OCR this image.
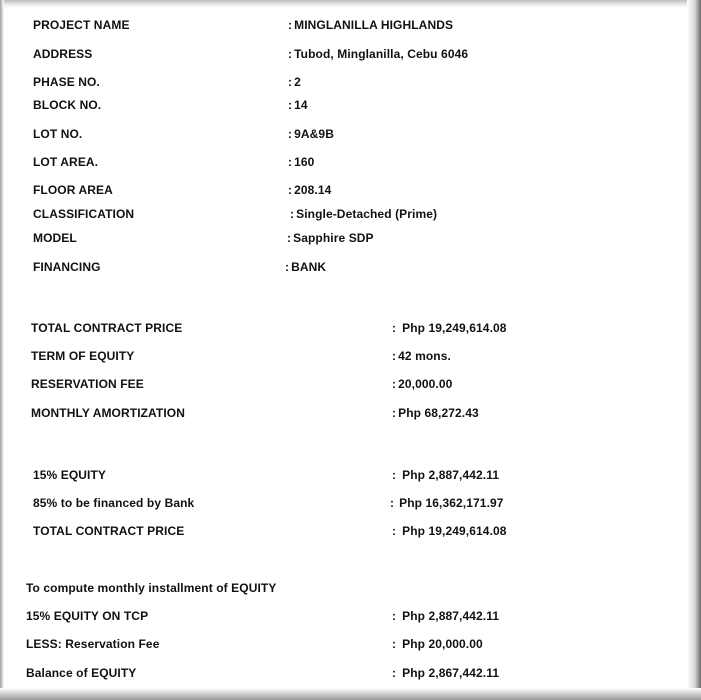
PROJECT NAME	: MINGLANILLA HIGHLANDS
ADDRESS	: Tubod, Minglanilla, Cebu 6046
PHASE NO.	: 2
BLOCK NO.	: 14
LOT NO.	: 9A&9B
LOT AREA.	: 160
FLOOR AREA	: 208.14
CLASSIFICATION	: Single-Detached (Prime)
MODEL	: Sapphire SDP
FINANCING	: BANK
TOTAL CONTRACT PRICE	: Php 19,249,614.08
TERM OF EQUITY	: 42 mons.
RESERVATION FEE	: 20,000.00
MONTHLY AMORTIZATION	: Php 68,272.43
15% EQUITY	: Php 2,887,442.11
85% to be financed by Bank	: Php 16,362,171.97
TOTAL CONTRACT PRICE	: Php 19,249,614.08
To compute monthly installment of EQUITY
15% EQUITY ON TCP	: Php 2,887,442.11
LESS: Reservation Fee	: Php 20,000.00
Balance of EQUITY	: Php 2,867,442.11
